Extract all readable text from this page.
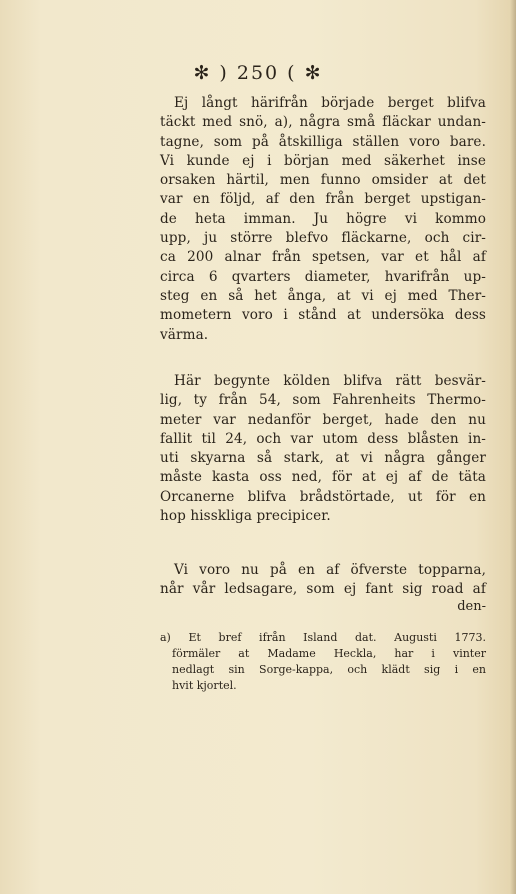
✻ ) 250 ( ✻
Ej långt härifrån började berget blifva
täckt med snö, a), några små fläckar undan-
tagne, som på åtskilliga ställen voro bare.
Vi kunde ej i början med säkerhet inse
orsaken härtil, men funno omsider at det
var en följd, af den från berget upstigan-
de heta imman. Ju högre vi kommo
upp, ju större blefvo fläckarne, och cir-
ca 200 alnar från spetsen, var et hål af
circa 6 qvarters diameter, hvarifrån up-
steg en så het ånga, at vi ej med Ther-
mometern voro i stånd at undersöka dess
värma.
Här begynte kölden blifva rätt besvär-
lig, ty från 54, som Fahrenheits Thermo-
meter var nedanför berget, hade den nu
fallit til 24, och var utom dess blåsten in-
uti skyarna så stark, at vi några gånger
måste kasta oss ned, för at ej af de täta
Orcanerne blifva brådstörtade, ut för en
hop hisskliga precipicer.
Vi voro nu på en af öfverste topparna,
når vår ledsagare, som ej fant sig road af
den-
a) Et bref ifrån Island dat. Augusti 1773.
förmäler at Madame Heckla, har i vinter
nedlagt sin Sorge-kappa, och klädt sig i en
hvit kjortel.
